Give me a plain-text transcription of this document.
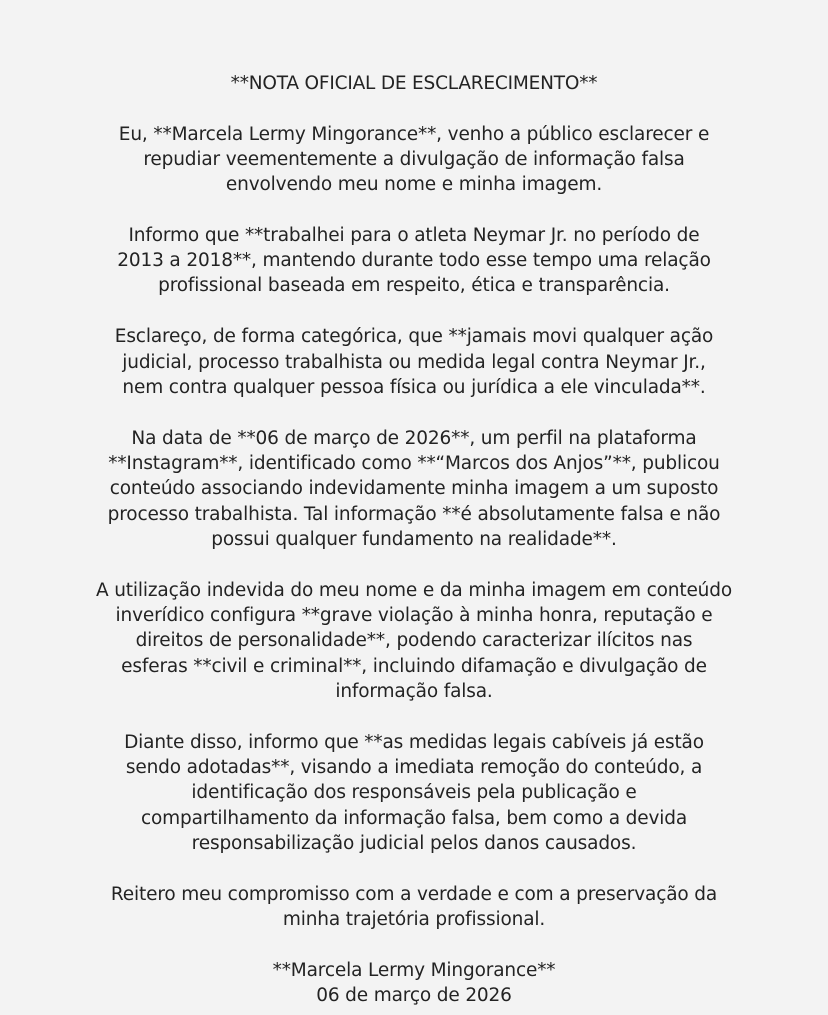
**NOTA OFICIAL DE ESCLARECIMENTO**
Eu, **Marcela Lermy Mingorance**, venho a público esclarecer e
repudiar veementemente a divulgação de informação falsa
envolvendo meu nome e minha imagem.
Informo que **trabalhei para o atleta Neymar Jr. no período de
2013 a 2018**, mantendo durante todo esse tempo uma relação
profissional baseada em respeito, ética e transparência.
Esclareço, de forma categórica, que **jamais movi qualquer ação
judicial, processo trabalhista ou medida legal contra Neymar Jr.,
nem contra qualquer pessoa física ou jurídica a ele vinculada**.
Na data de **06 de março de 2026**, um perfil na plataforma
**Instagram**, identificado como **“Marcos dos Anjos”**, publicou
conteúdo associando indevidamente minha imagem a um suposto
processo trabalhista. Tal informação **é absolutamente falsa e não
possui qualquer fundamento na realidade**.
A utilização indevida do meu nome e da minha imagem em conteúdo
inverídico configura **grave violação à minha honra, reputação e
direitos de personalidade**, podendo caracterizar ilícitos nas
esferas **civil e criminal**, incluindo difamação e divulgação de
informação falsa.
Diante disso, informo que **as medidas legais cabíveis já estão
sendo adotadas**, visando a imediata remoção do conteúdo, a
identificação dos responsáveis pela publicação e
compartilhamento da informação falsa, bem como a devida
responsabilização judicial pelos danos causados.
Reitero meu compromisso com a verdade e com a preservação da
minha trajetória profissional.
**Marcela Lermy Mingorance**
06 de março de 2026
